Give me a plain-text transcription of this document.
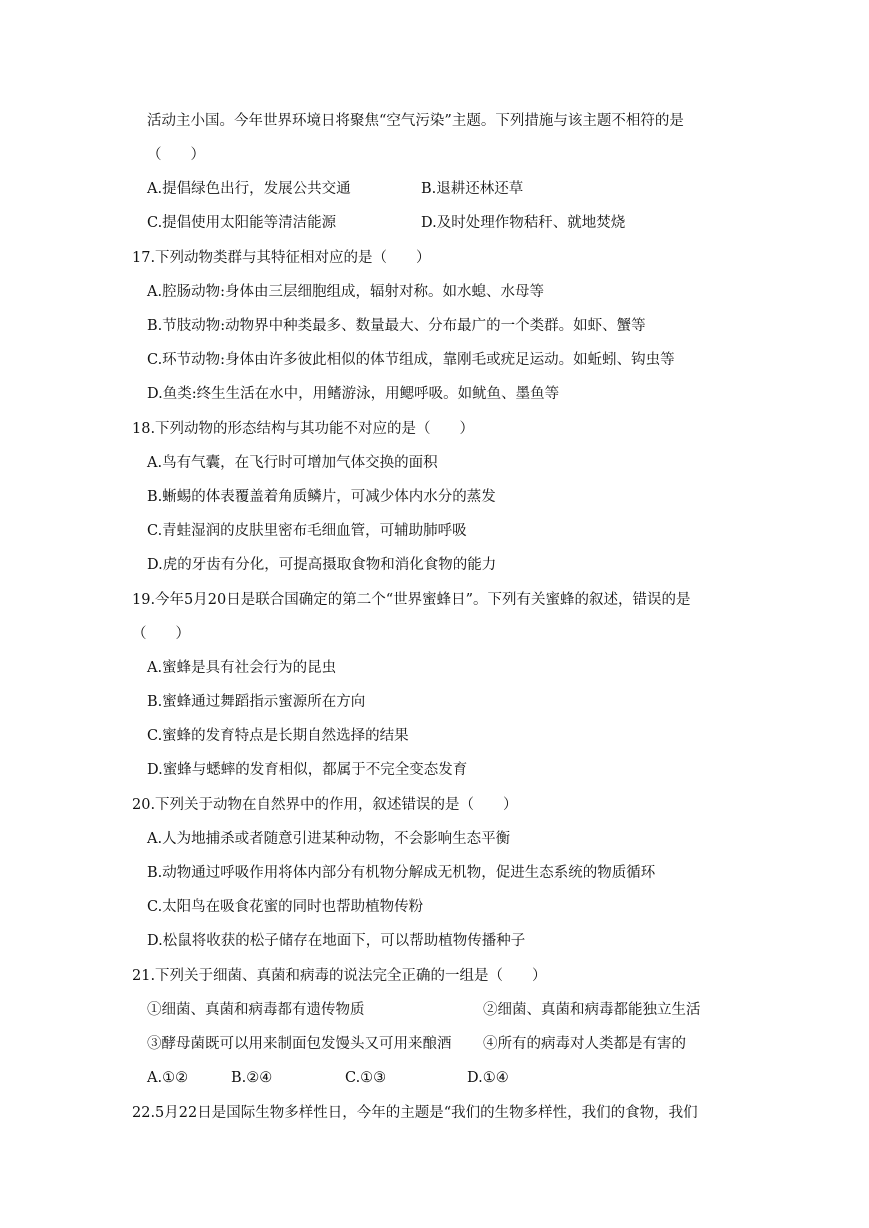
活动主小国。今年世界环境日将聚焦“空气污染”主题。下列措施与该主题不相符的是
（　　）
A.提倡绿色出行，发展公共交通	B.退耕还林还草
C.提倡使用太阳能等清洁能源	D.及时处理作物秸秆、就地焚烧
17.下列动物类群与其特征相对应的是（　　）
A.腔肠动物:身体由三层细胞组成，辐射对称。如水螅、水母等
B.节肢动物:动物界中种类最多、数量最大、分布最广的一个类群。如虾、蟹等
C.环节动物:身体由许多彼此相似的体节组成，靠刚毛或疣足运动。如蚯蚓、钩虫等
D.鱼类:终生生活在水中，用鳍游泳，用鳃呼吸。如鱿鱼、墨鱼等
18.下列动物的形态结构与其功能不对应的是（　　）
A.鸟有气囊，在飞行时可增加气体交换的面积
B.蜥蜴的体表覆盖着角质鳞片，可减少体内水分的蒸发
C.青蛙湿润的皮肤里密布毛细血管，可辅助肺呼吸
D.虎的牙齿有分化，可提高摄取食物和消化食物的能力
19.今年5月20日是联合国确定的第二个“世界蜜蜂日”。下列有关蜜蜂的叙述，错误的是
（　　）
A.蜜蜂是具有社会行为的昆虫
B.蜜蜂通过舞蹈指示蜜源所在方向
C.蜜蜂的发育特点是长期自然选择的结果
D.蜜蜂与蟋蟀的发育相似，都属于不完全变态发育
20.下列关于动物在自然界中的作用，叙述错误的是（　　）
A.人为地捕杀或者随意引进某种动物，不会影响生态平衡
B.动物通过呼吸作用将体内部分有机物分解成无机物，促进生态系统的物质循环
C.太阳鸟在吸食花蜜的同时也帮助植物传粉
D.松鼠将收获的松子储存在地面下，可以帮助植物传播种子
21.下列关于细菌、真菌和病毒的说法完全正确的一组是（　　）
①细菌、真菌和病毒都有遗传物质	②细菌、真菌和病毒都能独立生活
③酵母菌既可以用来制面包发馒头又可用来酿酒 ④所有的病毒对人类都是有害的
A.①②	B.②④	C.①③	D.①④
22.5月22日是国际生物多样性日，今年的主题是“我们的生物多样性，我们的食物，我们
